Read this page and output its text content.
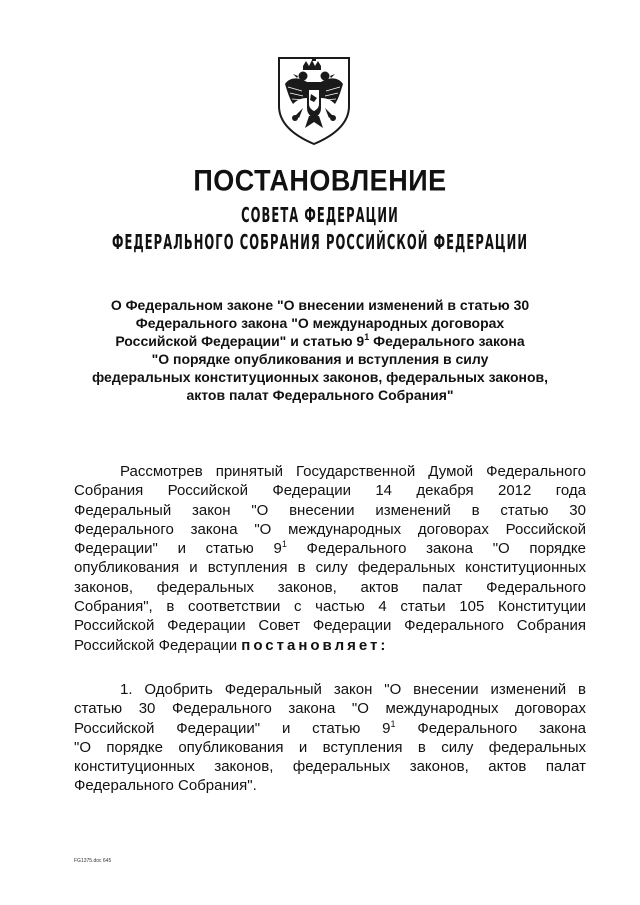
ПОСТАНОВЛЕНИЕ
СОВЕТА ФЕДЕРАЦИИ
ФЕДЕРАЛЬНОГО СОБРАНИЯ РОССИЙСКОЙ ФЕДЕРАЦИИ
О Федеральном законе "О внесении изменений в статью 30
Федерального закона "О международных договорах
Российской Федерации" и статью $9^1$ Федерального закона
"О порядке опубликования и вступления в силу
федеральных конституционных законов, федеральных законов,
актов палат Федерального Собрания"
Рассмотрев принятый Государственной Думой Федерального
Собрания Российской Федерации 14 декабря 2012 года
Федеральный закон "О внесении изменений в статью 30
Федерального закона "О международных договорах Российской
Федерации" и статью $9^1$ Федерального закона "О порядке
опубликования и вступления в силу федеральных конституционных
законов, федеральных законов, актов палат Федерального
Собрания", в соответствии с частью 4 статьи 105 Конституции
Российской Федерации Совет Федерации Федерального Собрания
Российской Федерации постановляет:
1. Одобрить Федеральный закон "О внесении изменений в
статью 30 Федерального закона "О международных договорах
Российской Федерации" и статью $9^1$ Федерального закона
"О порядке опубликования и вступления в силу федеральных
конституционных законов, федеральных законов, актов палат
Федерального Собрания".
FG1375.doc 645
